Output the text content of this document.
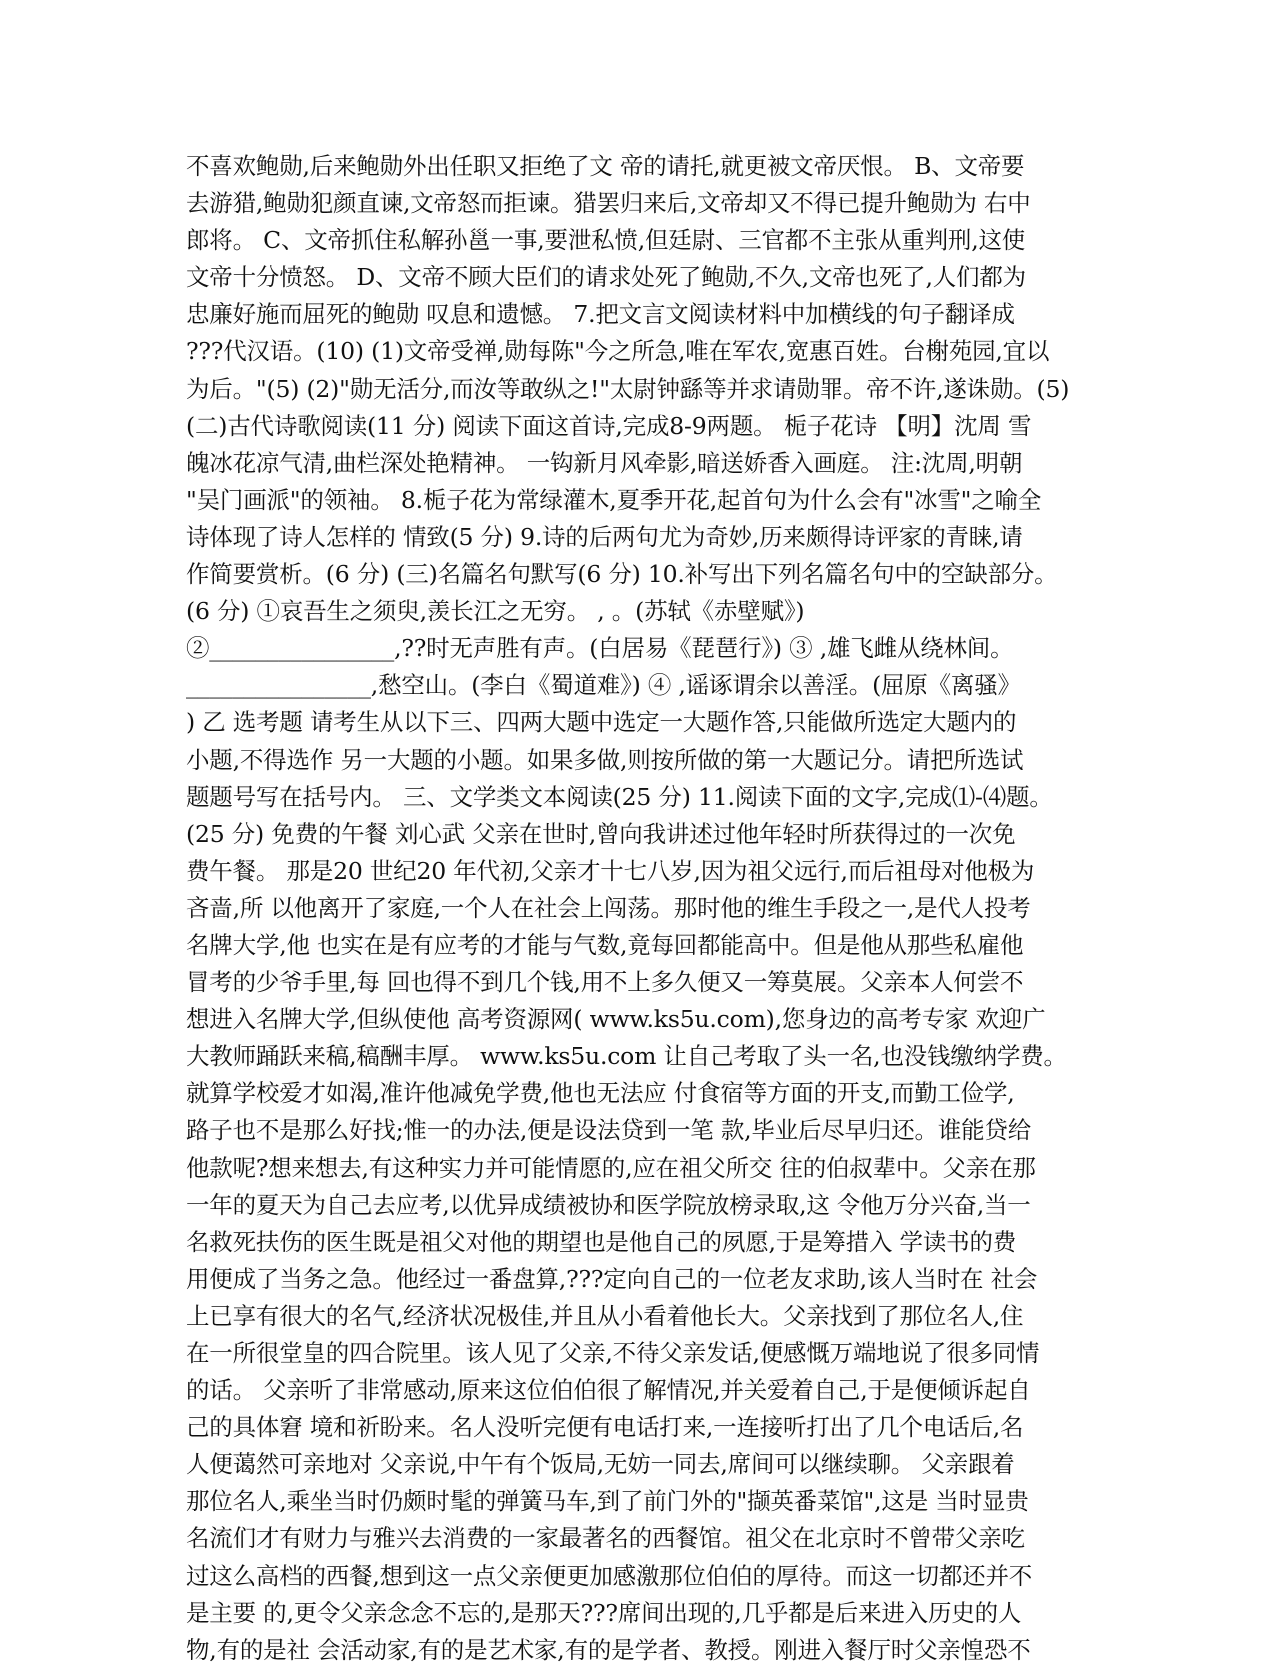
不喜欢鲍勋,后来鲍勋外出任职又拒绝了文 帝的请托,就更被文帝厌恨。 B、文帝要
去游猎,鲍勋犯颜直谏,文帝怒而拒谏。猎罢归来后,文帝却又不得已提升鲍勋为 右中
郎将。 C、文帝抓住私解孙邕一事,要泄私愤,但廷尉、三官都不主张从重判刑,这使
文帝十分愤怒。 D、文帝不顾大臣们的请求处死了鲍勋,不久,文帝也死了,人们都为
忠廉好施而屈死的鲍勋 叹息和遗憾。 7.把文言文阅读材料中加横线的句子翻译成
???代汉语。(10) (1)文帝受禅,勋每陈"今之所急,唯在军农,宽惠百姓。台榭苑园,宜以
为后。"(5) (2)"勋无活分,而汝等敢纵之!"太尉钟繇等并求请勋罪。帝不许,遂诛勋。(5)
(二)古代诗歌阅读(11 分) 阅读下面这首诗,完成8-9两题。 栀子花诗 【明】沈周 雪
魄冰花凉气清,曲栏深处艳精神。 一钩新月风牵影,暗送娇香入画庭。 注:沈周,明朝
"吴门画派"的领袖。 8.栀子花为常绿灌木,夏季开花,起首句为什么会有"冰雪"之喻全
诗体现了诗人怎样的 情致(5 分) 9.诗的后两句尤为奇妙,历来颇得诗评家的青睐,请
作简要赏析。(6 分) (三)名篇名句默写(6 分) 10.补写出下列名篇名句中的空缺部分。
(6 分) ①哀吾生之须臾,羡长江之无穷。 , 。(苏轼《赤壁赋》)
②________________,??时无声胜有声。(白居易《琵琶行》) ③ ,雄飞雌从绕林间。
________________,愁空山。(李白《蜀道难》) ④ ,谣诼谓余以善淫。(屈原《离骚》
) 乙 选考题 请考生从以下三、四两大题中选定一大题作答,只能做所选定大题内的
小题,不得选作 另一大题的小题。如果多做,则按所做的第一大题记分。请把所选试
题题号写在括号内。 三、文学类文本阅读(25 分) 11.阅读下面的文字,完成⑴-⑷题。
(25 分) 免费的午餐 刘心武 父亲在世时,曾向我讲述过他年轻时所获得过的一次免
费午餐。 那是20 世纪20 年代初,父亲才十七八岁,因为祖父远行,而后祖母对他极为
吝啬,所 以他离开了家庭,一个人在社会上闯荡。那时他的维生手段之一,是代人投考
名牌大学,他 也实在是有应考的才能与气数,竟每回都能高中。但是他从那些私雇他
冒考的少爷手里,每 回也得不到几个钱,用不上多久便又一筹莫展。父亲本人何尝不
想进入名牌大学,但纵使他 高考资源网( www.ks5u.com),您身边的高考专家 欢迎广
大教师踊跃来稿,稿酬丰厚。 www.ks5u.com 让自己考取了头一名,也没钱缴纳学费。
就算学校爱才如渴,准许他减免学费,他也无法应 付食宿等方面的开支,而勤工俭学,
路子也不是那么好找;惟一的办法,便是设法贷到一笔 款,毕业后尽早归还。谁能贷给
他款呢?想来想去,有这种实力并可能情愿的,应在祖父所交 往的伯叔辈中。父亲在那
一年的夏天为自己去应考,以优异成绩被协和医学院放榜录取,这 令他万分兴奋,当一
名救死扶伤的医生既是祖父对他的期望也是他自己的夙愿,于是筹措入 学读书的费
用便成了当务之急。他经过一番盘算,???定向自己的一位老友求助,该人当时在 社会
上已享有很大的名气,经济状况极佳,并且从小看着他长大。父亲找到了那位名人,住
在一所很堂皇的四合院里。该人见了父亲,不待父亲发话,便感慨万端地说了很多同情
的话。 父亲听了非常感动,原来这位伯伯很了解情况,并关爱着自己,于是便倾诉起自
己的具体窘 境和祈盼来。名人没听完便有电话打来,一连接听打出了几个电话后,名
人便蔼然可亲地对 父亲说,中午有个饭局,无妨一同去,席间可以继续聊。 父亲跟着
那位名人,乘坐当时仍颇时髦的弹簧马车,到了前门外的"撷英番菜馆",这是 当时显贵
名流们才有财力与雅兴去消费的一家最著名的西餐馆。祖父在北京时不曾带父亲吃
过这么高档的西餐,想到这一点父亲便更加感激那位伯伯的厚待。而这一切都还并不
是主要 的,更令父亲念念不忘的,是那天???席间出现的,几乎都是后来进入历史的人
物,有的是社 会活动家,有的是艺术家,有的是学者、教授。刚进入餐厅时父亲惶恐不
